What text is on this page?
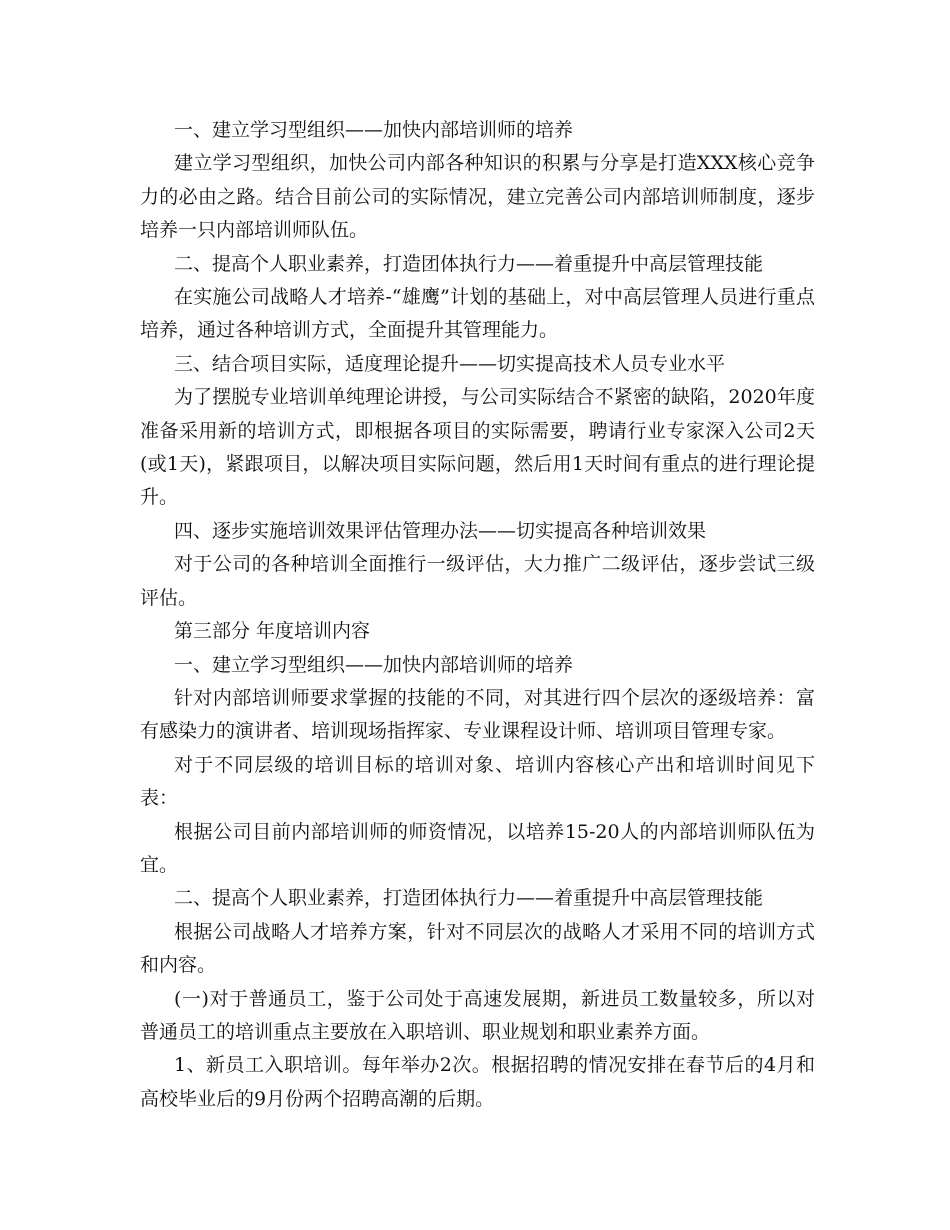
一、建立学习型组织——加快内部培训师的培养

建立学习型组织，加快公司内部各种知识的积累与分享是打造XXX核心竞争力的必由之路。结合目前公司的实际情况，建立完善公司内部培训师制度，逐步培养一只内部培训师队伍。

二、提高个人职业素养，打造团体执行力——着重提升中高层管理技能

在实施公司战略人才培养-“雄鹰”计划的基础上，对中高层管理人员进行重点培养，通过各种培训方式，全面提升其管理能力。

三、结合项目实际，适度理论提升——切实提高技术人员专业水平

为了摆脱专业培训单纯理论讲授，与公司实际结合不紧密的缺陷，2020年度准备采用新的培训方式，即根据各项目的实际需要，聘请行业专家深入公司2天(或1天)，紧跟项目，以解决项目实际问题，然后用1天时间有重点的进行理论提升。

四、逐步实施培训效果评估管理办法——切实提高各种培训效果

对于公司的各种培训全面推行一级评估，大力推广二级评估，逐步尝试三级评估。

第三部分 年度培训内容

一、建立学习型组织——加快内部培训师的培养

针对内部培训师要求掌握的技能的不同，对其进行四个层次的逐级培养：富有感染力的演讲者、培训现场指挥家、专业课程设计师、培训项目管理专家。

对于不同层级的培训目标的培训对象、培训内容核心产出和培训时间见下表：

根据公司目前内部培训师的师资情况，以培养15-20人的内部培训师队伍为宜。

二、提高个人职业素养，打造团体执行力——着重提升中高层管理技能

根据公司战略人才培养方案，针对不同层次的战略人才采用不同的培训方式和内容。

(一)对于普通员工，鉴于公司处于高速发展期，新进员工数量较多，所以对普通员工的培训重点主要放在入职培训、职业规划和职业素养方面。

1、新员工入职培训。每年举办2次。根据招聘的情况安排在春节后的4月和高校毕业后的9月份两个招聘高潮的后期。
